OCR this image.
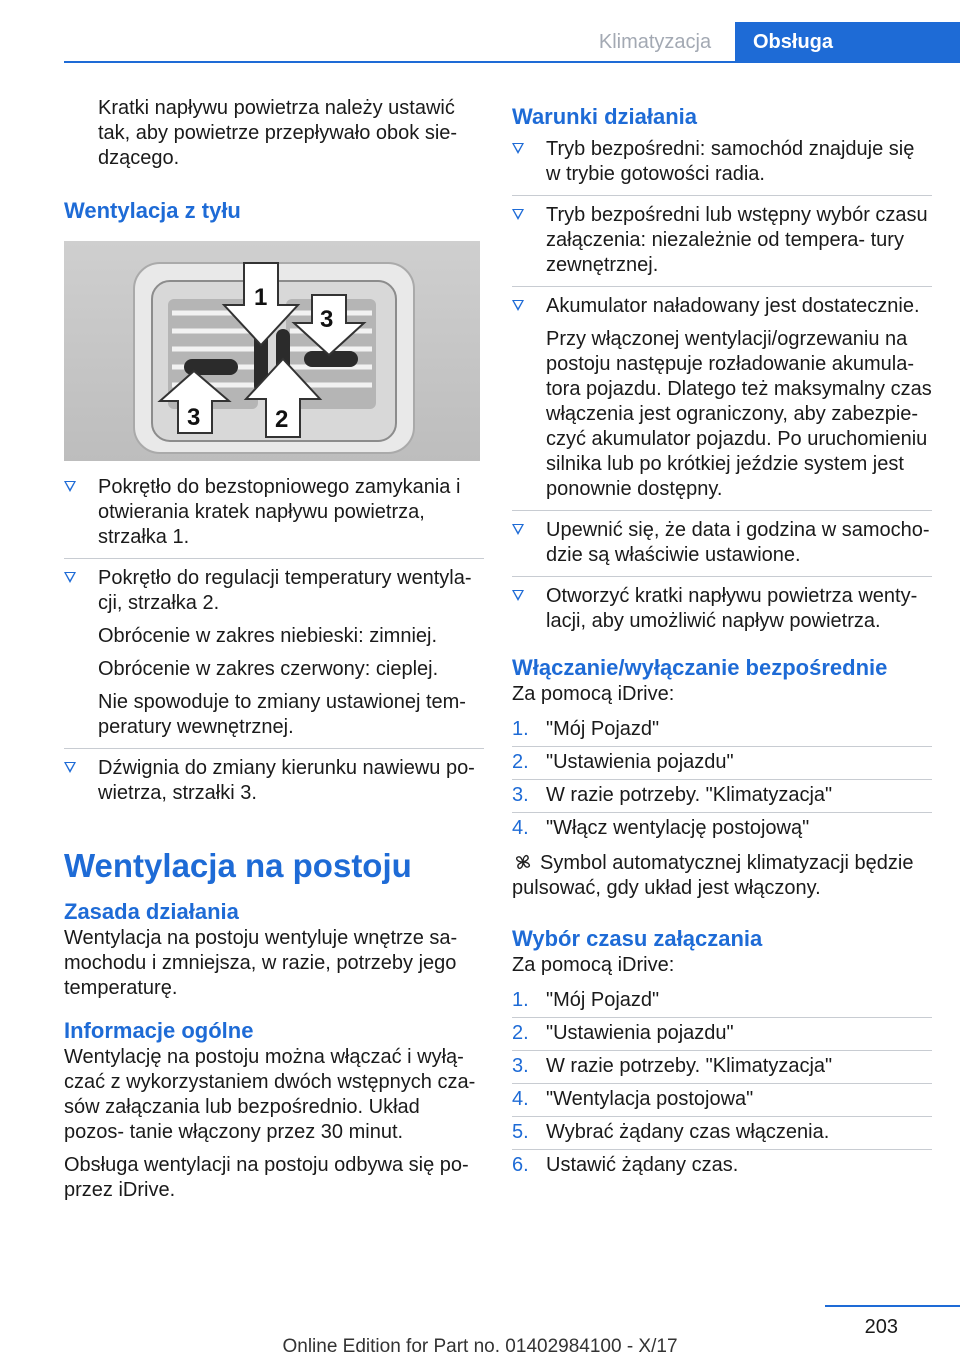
Klimatyzacja	Obsługa

Kratki napływu powietrza należy ustawić tak, aby powietrze przepływało obok sie- dzącego.

Wentylacja z tyłu
1
2
3
3
Pokrętło do bezstopniowego zamykania i otwierania kratek napływu powietrza, strzałka 1.
Pokrętło do regulacji temperatury wentyla- cji, strzałka 2.
Obrócenie w zakres niebieski: zimniej.
Obrócenie w zakres czerwony: cieplej.
Nie spowoduje to zmiany ustawionej tem- peratury wewnętrznej.
Dźwignia do zmiany kierunku nawiewu po- wietrza, strzałki 3.
Wentylacja na postoju
Zasada działania

Wentylacja na postoju wentyluje wnętrze sa- mochodu i zmniejsza, w razie, potrzeby jego temperaturę.

Informacje ogólne

Wentylację na postoju można włączać i wyłą- czać z wykorzystaniem dwóch wstępnych cza- sów załączania lub bezpośrednio. Układ pozos- tanie włączony przez 30 minut.

Obsługa wentylacji na postoju odbywa się po- przez iDrive.

Warunki działania
Tryb bezpośredni: samochód znajduje się w trybie gotowości radia.
Tryb bezpośredni lub wstępny wybór czasu załączenia: niezależnie od tempera- tury zewnętrznej.
Akumulator naładowany jest dostatecznie.
Przy włączonej wentylacji/ogrzewaniu na postoju następuje rozładowanie akumula- tora pojazdu. Dlatego też maksymalny czas włączenia jest ograniczony, aby zabezpie- czyć akumulator pojazdu. Po uruchomieniu silnika lub po krótkiej jeździe system jest ponownie dostępny.
Upewnić się, że data i godzina w samocho- dzie są właściwie ustawione.
Otworzyć kratki napływu powietrza wenty- lacji, aby umożliwić napływ powietrza.
Włączanie/wyłączanie bezpośrednie

Za pomocą iDrive:

1. "Mój Pojazd"
2. "Ustawienia pojazdu"
3. W razie potrzeby. "Klimatyzacja"
4. "Włącz wentylację postojową"

Symbol automatycznej klimatyzacji będzie pulsować, gdy układ jest włączony.

Wybór czasu załączania

Za pomocą iDrive:

1. "Mój Pojazd"
2. "Ustawienia pojazdu"
3. W razie potrzeby. "Klimatyzacja"
4. "Wentylacja postojowa"
5. Wybrać żądany czas włączenia.
6. Ustawić żądany czas.
203
Online Edition for Part no. 01402984100 - X/17
